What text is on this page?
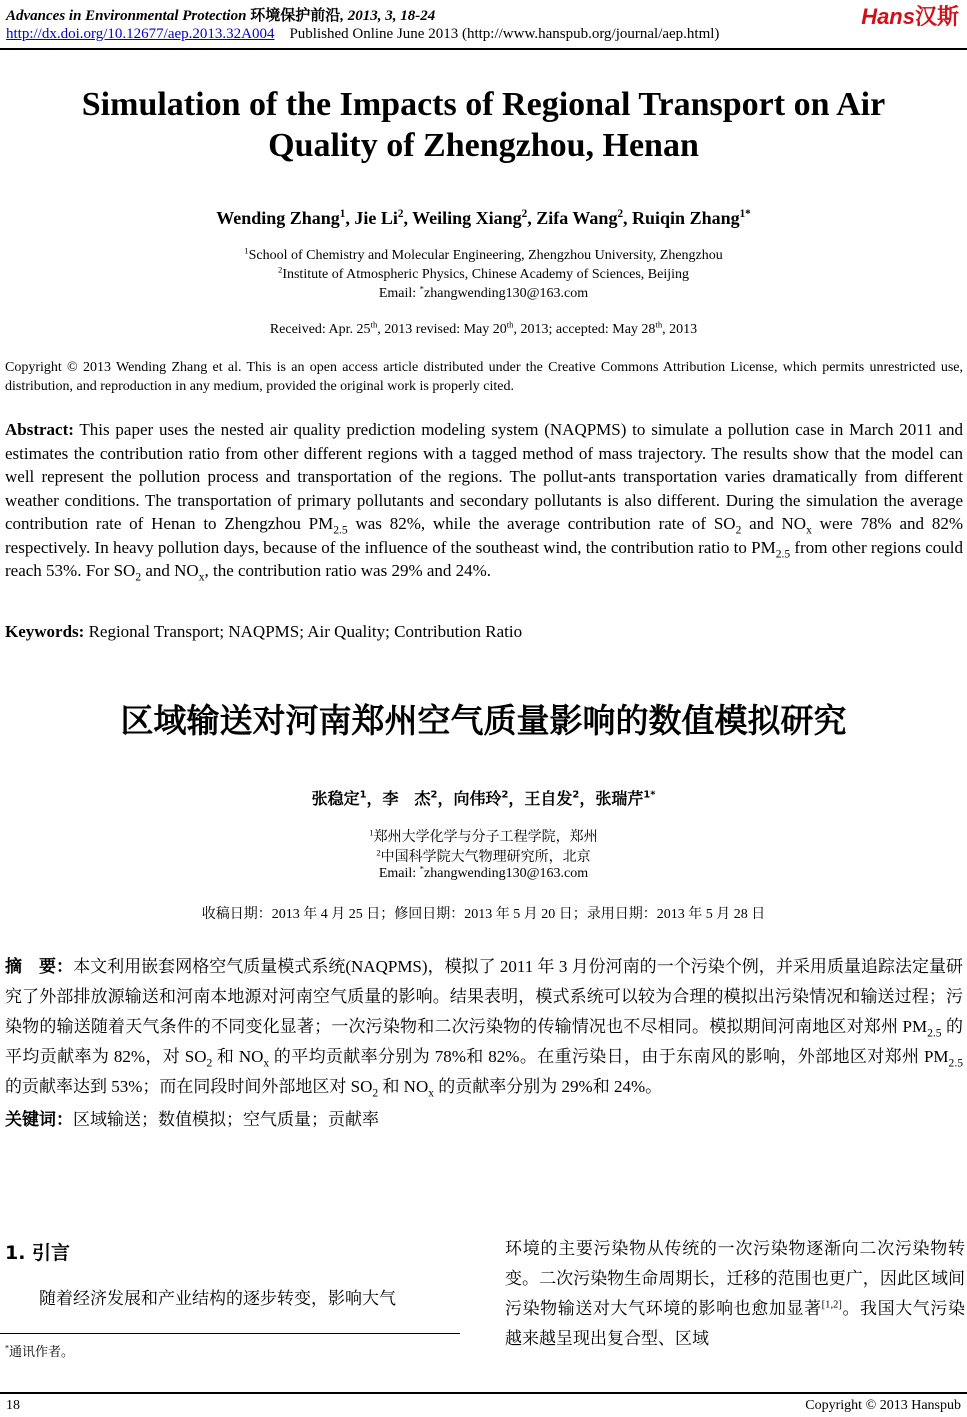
Advances in Environmental Protection 环境保护前沿, 2013, 3, 18-24
http://dx.doi.org/10.12677/aep.2013.32A004 Published Online June 2013 (http://www.hanspub.org/journal/aep.html)
Hans汉斯
Simulation of the Impacts of Regional Transport on Air
Quality of Zhengzhou, Henan
Wending Zhang$^1$, Jie Li$^2$, Weiling Xiang$^2$, Zifa Wang$^2$, Ruiqin Zhang$^{1*}$
$^1$School of Chemistry and Molecular Engineering, Zhengzhou University, Zhengzhou
$^2$Institute of Atmospheric Physics, Chinese Academy of Sciences, Beijing
Email: *zhangwending130@163.com
Received: Apr. 25th, 2013 revised: May 20th, 2013; accepted: May 28th, 2013
Copyright © 2013 Wending Zhang et al. This is an open access article distributed under the Creative Commons Attribution License, which permits unrestricted use, distribution, and reproduction in any medium, provided the original work is properly cited.
Abstract: This paper uses the nested air quality prediction modeling system (NAQPMS) to simulate a pollution case in March 2011 and estimates the contribution ratio from other different regions with a tagged method of mass trajectory. The results show that the model can well represent the pollution process and transportation of the regions. The pollut-ants transportation varies dramatically from different weather conditions. The transportation of primary pollutants and secondary pollutants is also different. During the simulation the average contribution rate of Henan to Zhengzhou $PM_{2.5}$ was 82%, while the average contribution rate of $SO_2$ and $NO_x$ were 78% and 82% respectively. In heavy pollution days, because of the influence of the southeast wind, the contribution ratio to $PM_{2.5}$ from other regions could reach 53%. For $SO_2$ and $NO_x$, the contribution ratio was 29% and 24%.
Keywords: Regional Transport; NAQPMS; Air Quality; Contribution Ratio
区域输送对河南郑州空气质量影响的数值模拟研究
张稳定$^1$，李　杰$^2$，向伟玲$^2$，王自发$^2$，张瑞芹$^{1*}$
$^1$郑州大学化学与分子工程学院，郑州
$^2$中国科学院大气物理研究所，北京
Email: *zhangwending130@163.com
收稿日期：2013 年 4 月 25 日；修回日期：2013 年 5 月 20 日；录用日期：2013 年 5 月 28 日
摘　要：本文利用嵌套网格空气质量模式系统(NAQPMS)，模拟了 2011 年 3 月份河南的一个污染个例，并采用质量追踪法定量研究了外部排放源输送和河南本地源对河南空气质量的影响。结果表明，模式系统可以较为合理的模拟出污染情况和输送过程；污染物的输送随着天气条件的不同变化显著；一次污染物和二次污染物的传输情况也不尽相同。模拟期间河南地区对郑州 $PM_{2.5}$ 的平均贡献率为 82%，对 $SO_2$ 和 $NO_x$ 的平均贡献率分别为 78%和 82%。在重污染日，由于东南风的影响，外部地区对郑州 $PM_{2.5}$ 的贡献率达到 53%；而在同段时间外部地区对 $SO_2$ 和 $NO_x$ 的贡献率分别为 29%和 24%。
关键词：区域输送；数值模拟；空气质量；贡献率
1. 引言
随着经济发展和产业结构的逐步转变，影响大气
*通讯作者。
环境的主要污染物从传统的一次污染物逐渐向二次污染物转变。二次污染物生命周期长，迁移的范围也更广，因此区域间污染物输送对大气环境的影响也愈加显著[1,2]。我国大气污染越来越呈现出复合型、区域
18	Copyright © 2013 Hanspub
